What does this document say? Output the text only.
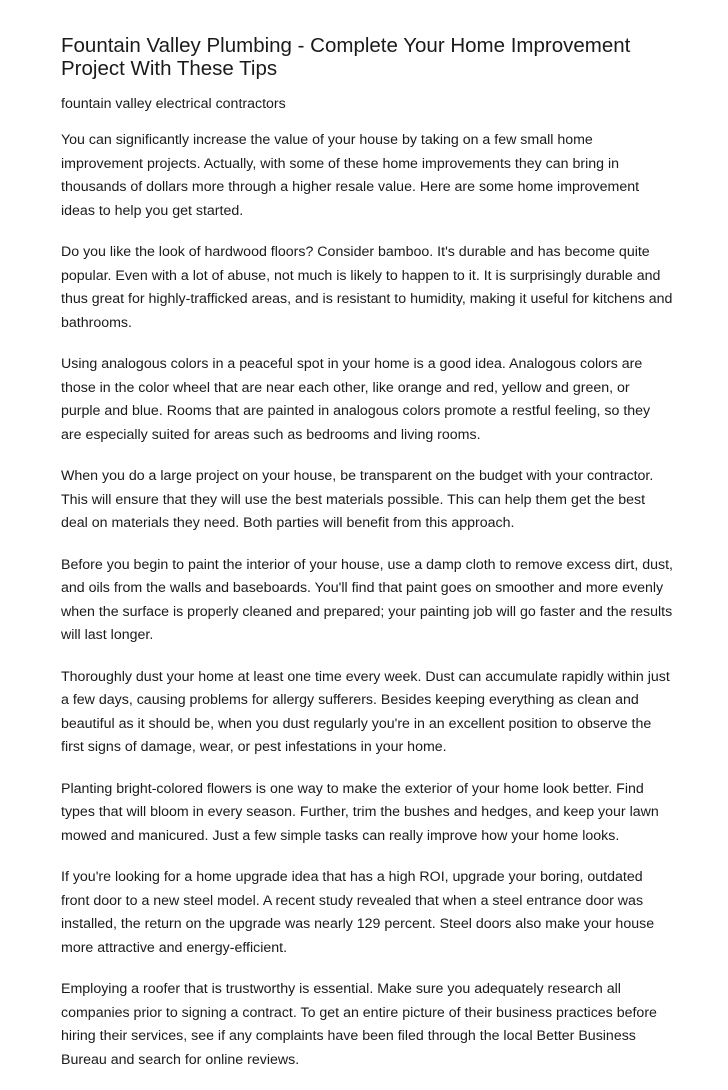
Fountain Valley Plumbing - Complete Your Home Improvement Project With These Tips
fountain valley electrical contractors

You can significantly increase the value of your house by taking on a few small home improvement projects. Actually, with some of these home improvements they can bring in thousands of dollars more through a higher resale value. Here are some home improvement ideas to help you get started.

Do you like the look of hardwood floors? Consider bamboo. It's durable and has become quite popular. Even with a lot of abuse, not much is likely to happen to it. It is surprisingly durable and thus great for highly-trafficked areas, and is resistant to humidity, making it useful for kitchens and bathrooms.

Using analogous colors in a peaceful spot in your home is a good idea. Analogous colors are those in the color wheel that are near each other, like orange and red, yellow and green, or purple and blue. Rooms that are painted in analogous colors promote a restful feeling, so they are especially suited for areas such as bedrooms and living rooms.

When you do a large project on your house, be transparent on the budget with your contractor. This will ensure that they will use the best materials possible. This can help them get the best deal on materials they need. Both parties will benefit from this approach.

Before you begin to paint the interior of your house, use a damp cloth to remove excess dirt, dust, and oils from the walls and baseboards. You'll find that paint goes on smoother and more evenly when the surface is properly cleaned and prepared; your painting job will go faster and the results will last longer.

Thoroughly dust your home at least one time every week. Dust can accumulate rapidly within just a few days, causing problems for allergy sufferers. Besides keeping everything as clean and beautiful as it should be, when you dust regularly you're in an excellent position to observe the first signs of damage, wear, or pest infestations in your home.

Planting bright-colored flowers is one way to make the exterior of your home look better. Find types that will bloom in every season. Further, trim the bushes and hedges, and keep your lawn mowed and manicured. Just a few simple tasks can really improve how your home looks.

If you're looking for a home upgrade idea that has a high ROI, upgrade your boring, outdated front door to a new steel model. A recent study revealed that when a steel entrance door was installed, the return on the upgrade was nearly 129 percent. Steel doors also make your house more attractive and energy-efficient.

Employing a roofer that is trustworthy is essential. Make sure you adequately research all companies prior to signing a contract. To get an entire picture of their business practices before hiring their services, see if any complaints have been filed through the local Better Business Bureau and search for online reviews.
